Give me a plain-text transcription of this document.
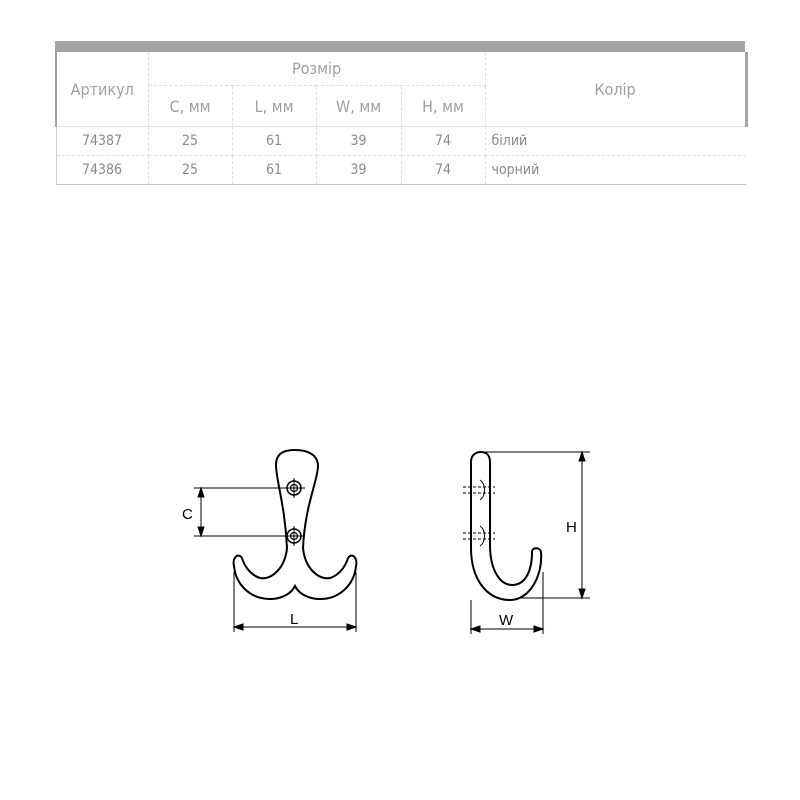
Артикул	Розмір				Колір
	C, мм	L, мм	W, мм	H, мм	
74387	25	61	39	74	білий
74386	25	61	39	74	чорний
C
L
H
W
